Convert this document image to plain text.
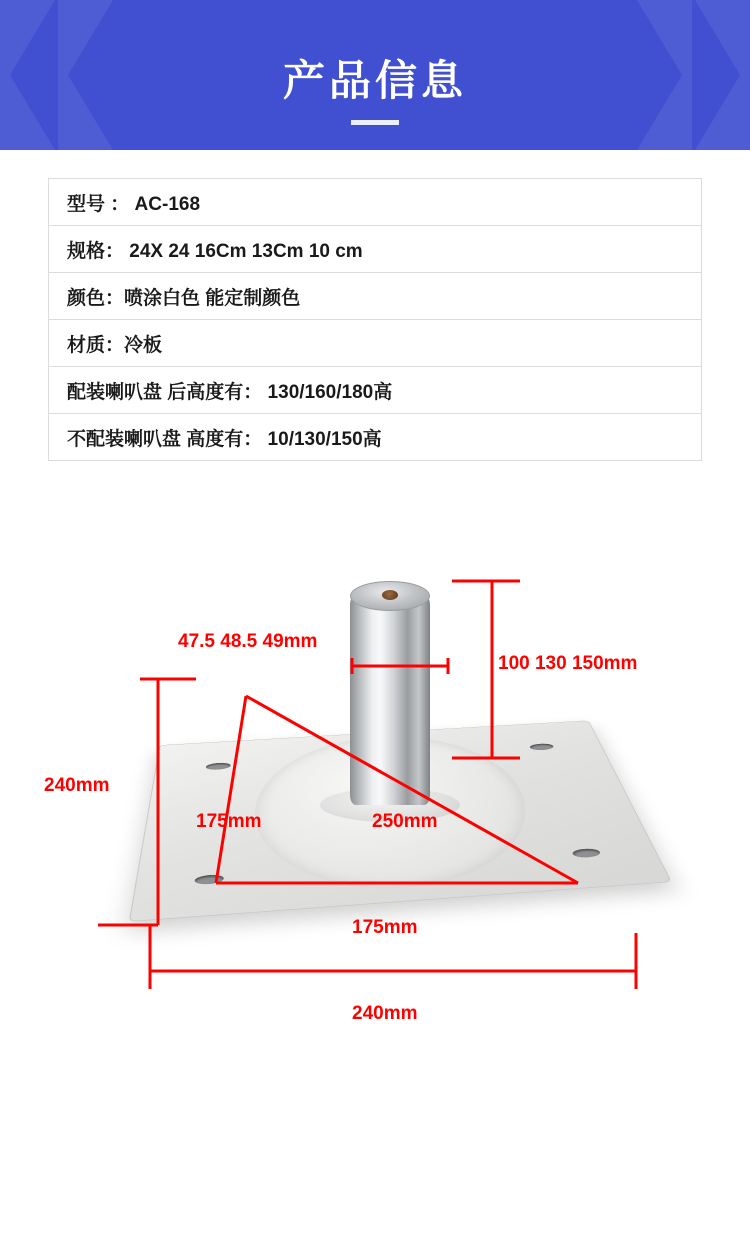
产品信息
型号 ： AC-168
规格： 24X 24 16Cm 13Cm 10 cm
颜色：喷涂白色 能定制颜色
材质：冷板
配装喇叭盘 后高度有： 130/160/180高
不配装喇叭盘 高度有： 10/130/150高
47.5 48.5 49mm
100 130 150mm
240mm
175mm	250mm
175mm
240mm
